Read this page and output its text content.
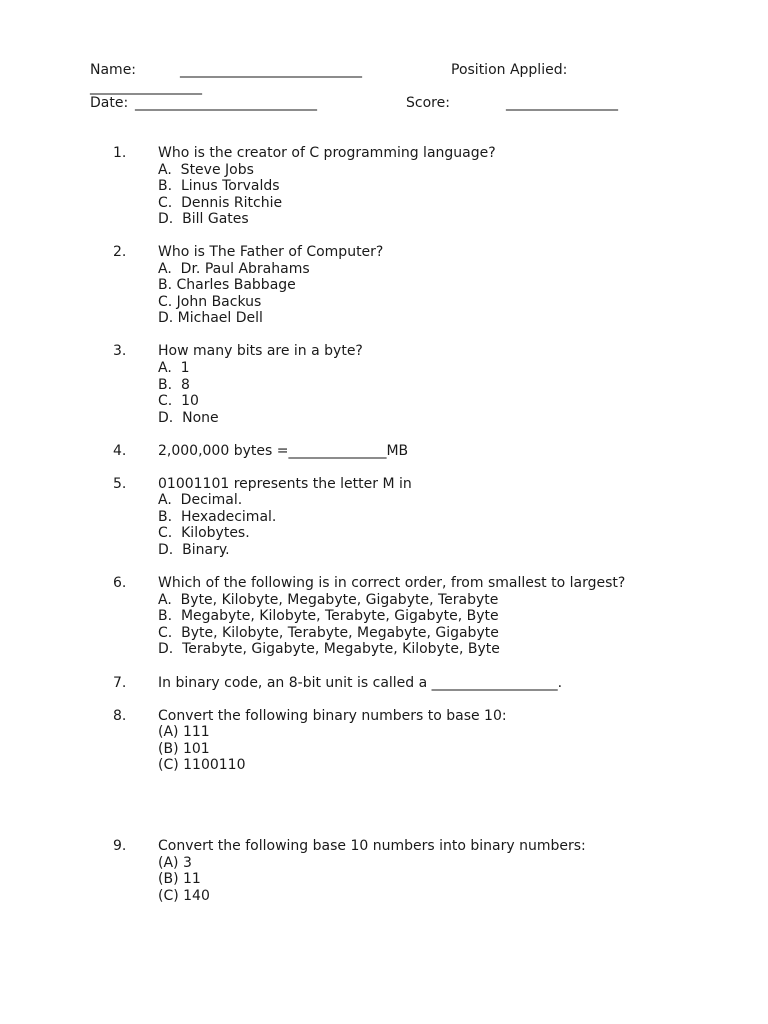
Name:	__________________________	Position Applied:
________________
Date: __________________________	Score:	________________
1. Who is the creator of C programming language?
A.  Steve Jobs
B.  Linus Torvalds
C.  Dennis Ritchie
D.  Bill Gates
2. Who is The Father of Computer?
A.  Dr. Paul Abrahams
B. Charles Babbage
C. John Backus
D. Michael Dell
3. How many bits are in a byte?
A.  1
B.  8
C.  10
D.  None
4. 2,000,000 bytes =______________MB
5. 01001101 represents the letter M in
A.  Decimal.
B.  Hexadecimal.
C.  Kilobytes.
D.  Binary.
6. Which of the following is in correct order, from smallest to largest?
A.  Byte, Kilobyte, Megabyte, Gigabyte, Terabyte
B.  Megabyte, Kilobyte, Terabyte, Gigabyte, Byte
C.  Byte, Kilobyte, Terabyte, Megabyte, Gigabyte
D.  Terabyte, Gigabyte, Megabyte, Kilobyte, Byte
7. In binary code, an 8-bit unit is called a __________________.
8. Convert the following binary numbers to base 10:
(A) 111
(B) 101
(C) 1100110
9. Convert the following base 10 numbers into binary numbers:
(A) 3
(B) 11
(C) 140
